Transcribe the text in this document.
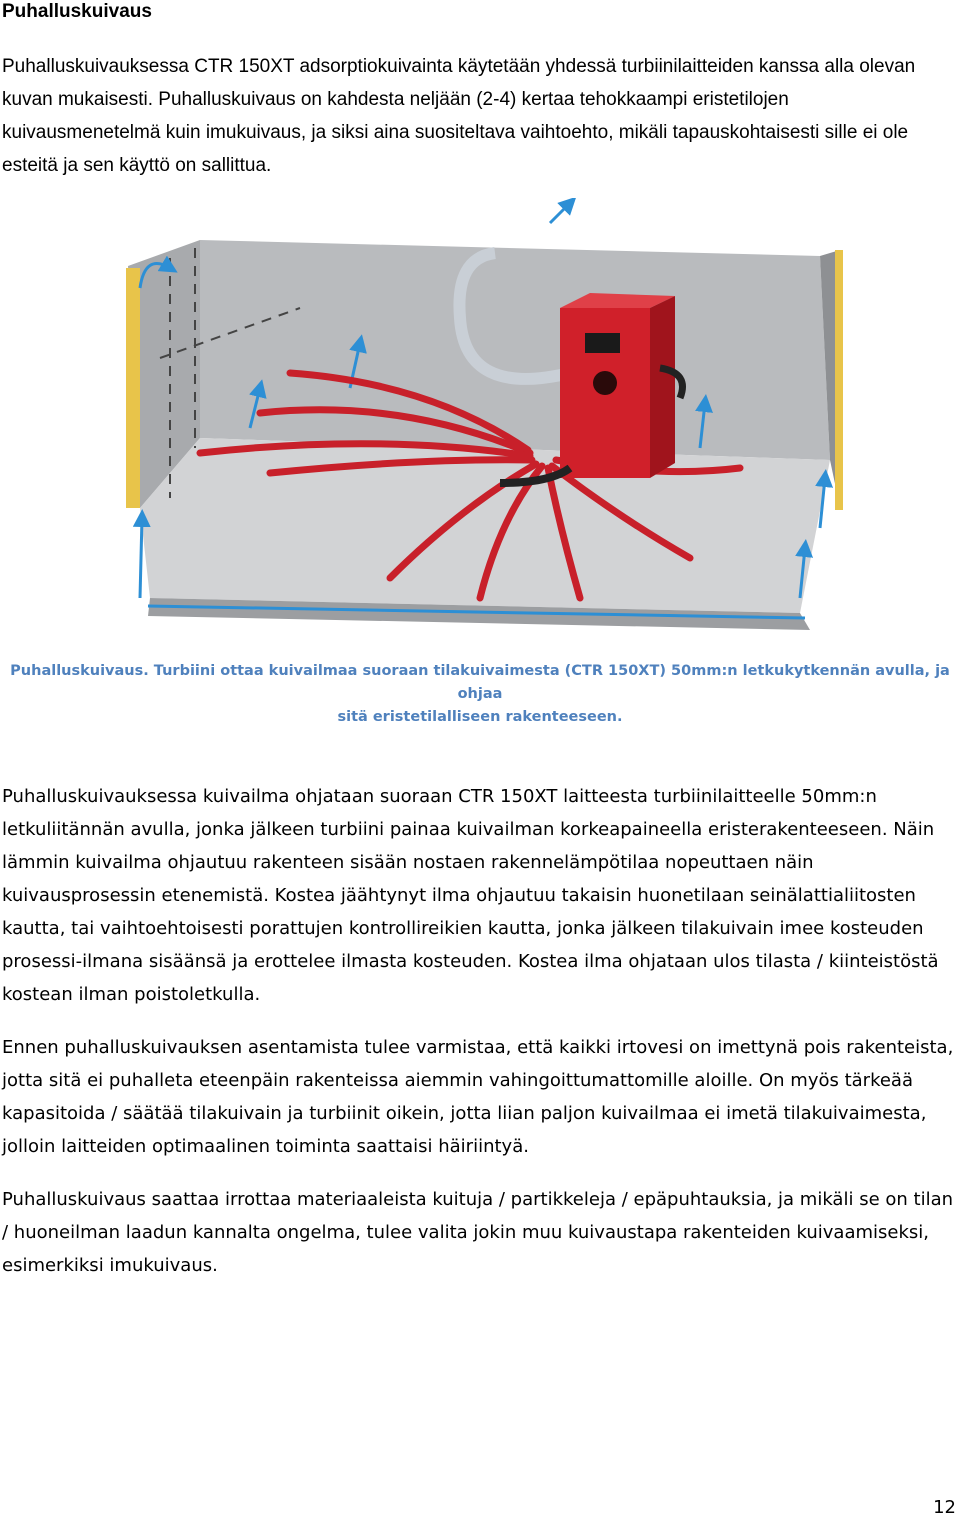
Puhalluskuivaus

Puhalluskuivauksessa CTR 150XT adsorptiokuivainta käytetään yhdessä turbiinilaitteiden kanssa alla olevan kuvan mukaisesti. Puhalluskuivaus on kahdesta neljään (2-4) kertaa tehokkaampi eristetilojen kuivausmenetelmä kuin imukuivaus, ja siksi aina suositeltava vaihtoehto, mikäli tapauskohtaisesti sille ei ole esteitä ja sen käyttö on sallittua.

Puhalluskuivaus. Turbiini ottaa kuivailmaa suoraan tilakuivaimesta (CTR 150XT) 50mm:n letkukytkennän avulla, ja ohjaa
sitä eristetilalliseen rakenteeseen.

Puhalluskuivauksessa kuivailma ohjataan suoraan CTR 150XT laitteesta turbiinilaitteelle 50mm:n letkuliitännän avulla, jonka jälkeen turbiini painaa kuivailman korkeapaineella eristerakenteeseen. Näin lämmin kuivailma ohjautuu rakenteen sisään nostaen rakennelämpötilaa nopeuttaen näin kuivausprosessin etenemistä. Kostea jäähtynyt ilma ohjautuu takaisin huonetilaan seinälattialiitosten kautta, tai vaihtoehtoisesti porattujen kontrollireikien kautta, jonka jälkeen tilakuivain imee kosteuden prosessi-ilmana sisäänsä ja erottelee ilmasta kosteuden. Kostea ilma ohjataan ulos tilasta / kiinteistöstä kostean ilman poistoletkulla.

Ennen puhalluskuivauksen asentamista tulee varmistaa, että kaikki irtovesi on imettynä pois rakenteista, jotta sitä ei puhalleta eteenpäin rakenteissa aiemmin vahingoittumattomille aloille. On myös tärkeää kapasitoida / säätää tilakuivain ja turbiinit oikein, jotta liian paljon kuivailmaa ei imetä tilakuivaimesta, jolloin laitteiden optimaalinen toiminta saattaisi häiriintyä.

Puhalluskuivaus saattaa irrottaa materiaaleista kuituja / partikkeleja / epäpuhtauksia, ja mikäli se on tilan / huoneilman laadun kannalta ongelma, tulee valita jokin muu kuivaustapa rakenteiden kuivaamiseksi, esimerkiksi imukuivaus.

12
